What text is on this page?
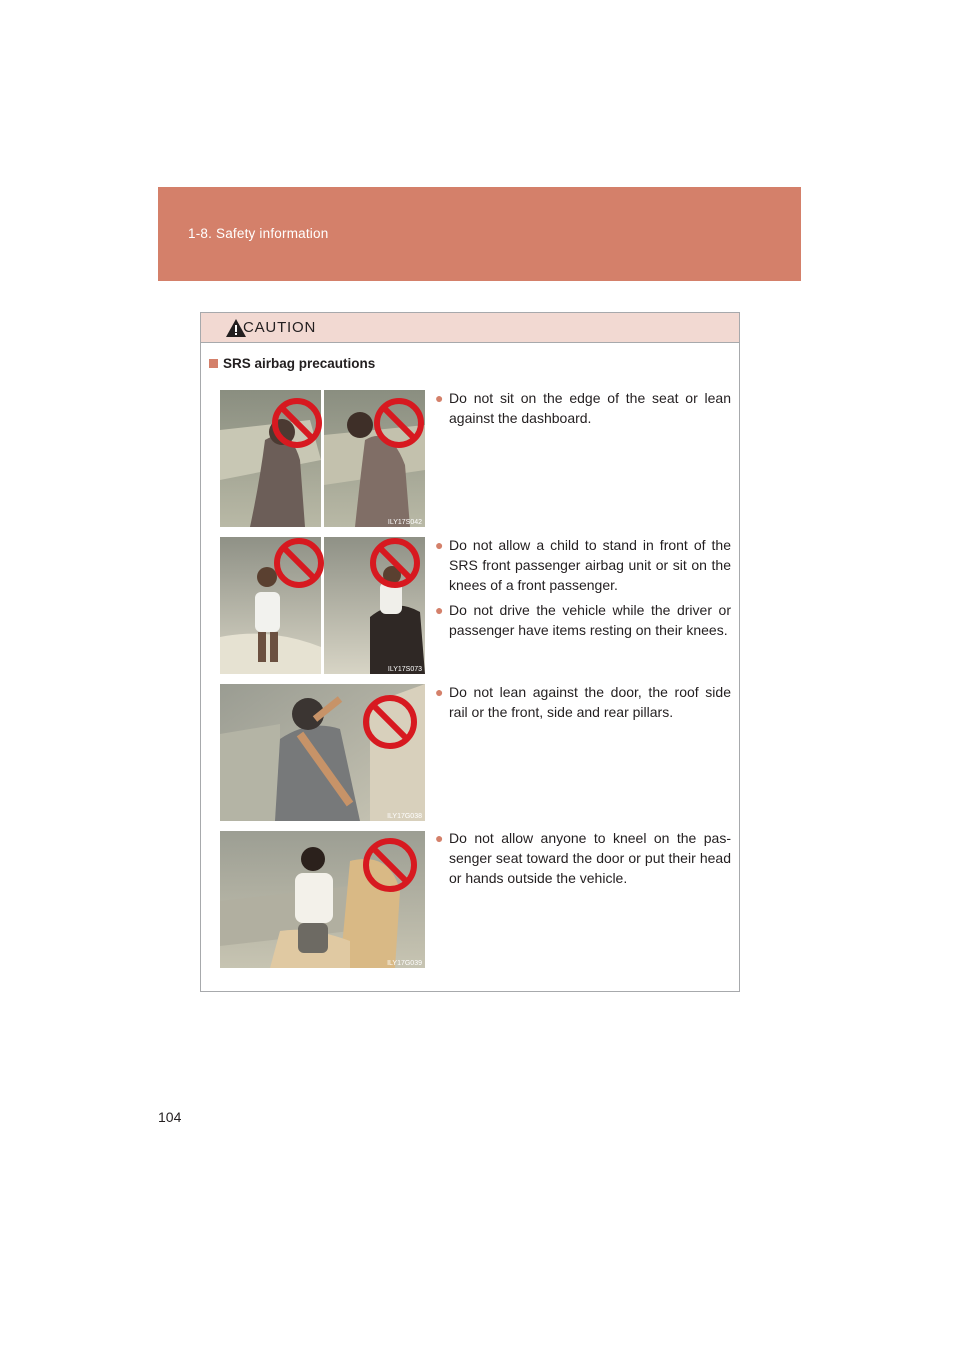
1-8. Safety information
CAUTION
SRS airbag precautions
ILY17S042
ILY17S073
ILY17G038
ILY17G039
● Do not sit on the edge of the seat or lean against the dashboard.
● Do not allow a child to stand in front of the SRS front passenger airbag unit or sit on the knees of a front passenger.
● Do not drive the vehicle while the driver or passenger have items resting on their knees.
● Do not lean against the door, the roof side rail or the front, side and rear pillars.
● Do not allow anyone to kneel on the pas-senger seat toward the door or put their head or hands outside the vehicle.
104
